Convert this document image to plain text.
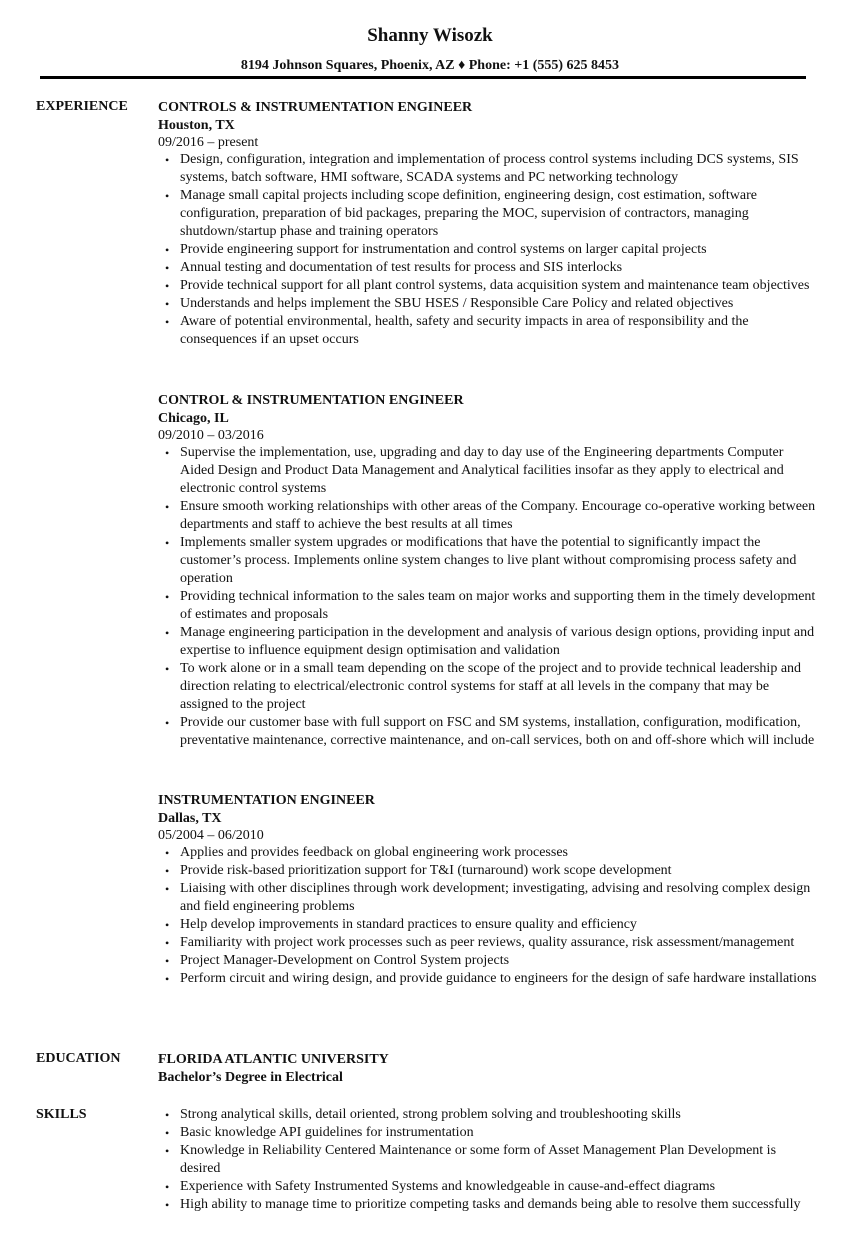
Shanny Wisozk
8194 Johnson Squares, Phoenix, AZ ♦ Phone: +1 (555) 625 8453
EXPERIENCE CONTROLS & INSTRUMENTATION ENGINEER
Houston, TX
09/2016 – present
• Design, configuration, integration and implementation of process control systems including DCS systems, SIS systems, batch software, HMI software, SCADA systems and PC networking technology
• Manage small capital projects including scope definition, engineering design, cost estimation, software configuration, preparation of bid packages, preparing the MOC, supervision of contractors, managing shutdown/startup phase and training operators
• Provide engineering support for instrumentation and control systems on larger capital projects
• Annual testing and documentation of test results for process and SIS interlocks
• Provide technical support for all plant control systems, data acquisition system and maintenance team objectives
• Understands and helps implement the SBU HSES / Responsible Care Policy and related objectives
• Aware of potential environmental, health, safety and security impacts in area of responsibility and the consequences if an upset occurs
CONTROL & INSTRUMENTATION ENGINEER
Chicago, IL
09/2010 – 03/2016
• Supervise the implementation, use, upgrading and day to day use of the Engineering departments Computer Aided Design and Product Data Management and Analytical facilities insofar as they apply to electrical and electronic control systems
• Ensure smooth working relationships with other areas of the Company. Encourage co-operative working between departments and staff to achieve the best results at all times
• Implements smaller system upgrades or modifications that have the potential to significantly impact the customer’s process. Implements online system changes to live plant without compromising process safety and operation
• Providing technical information to the sales team on major works and supporting them in the timely development of estimates and proposals
• Manage engineering participation in the development and analysis of various design options, providing input and expertise to influence equipment design optimisation and validation
• To work alone or in a small team depending on the scope of the project and to provide technical leadership and direction relating to electrical/electronic control systems for staff at all levels in the company that may be assigned to the project
• Provide our customer base with full support on FSC and SM systems, installation, configuration, modification, preventative maintenance, corrective maintenance, and on-call services, both on and off-shore which will include
INSTRUMENTATION ENGINEER
Dallas, TX
05/2004 – 06/2010
• Applies and provides feedback on global engineering work processes
• Provide risk-based prioritization support for T&I (turnaround) work scope development
• Liaising with other disciplines through work development; investigating, advising and resolving complex design and field engineering problems
• Help develop improvements in standard practices to ensure quality and efficiency
• Familiarity with project work processes such as peer reviews, quality assurance, risk assessment/management
• Project Manager-Development on Control System projects
• Perform circuit and wiring design, and provide guidance to engineers for the design of safe hardware installations
EDUCATION	FLORIDA ATLANTIC UNIVERSITY
Bachelor’s Degree in Electrical
SKILLS	• Strong analytical skills, detail oriented, strong problem solving and troubleshooting skills
• Basic knowledge API guidelines for instrumentation
• Knowledge in Reliability Centered Maintenance or some form of Asset Management Plan Development is desired
• Experience with Safety Instrumented Systems and knowledgeable in cause-and-effect diagrams
• High ability to manage time to prioritize competing tasks and demands being able to resolve them successfully
